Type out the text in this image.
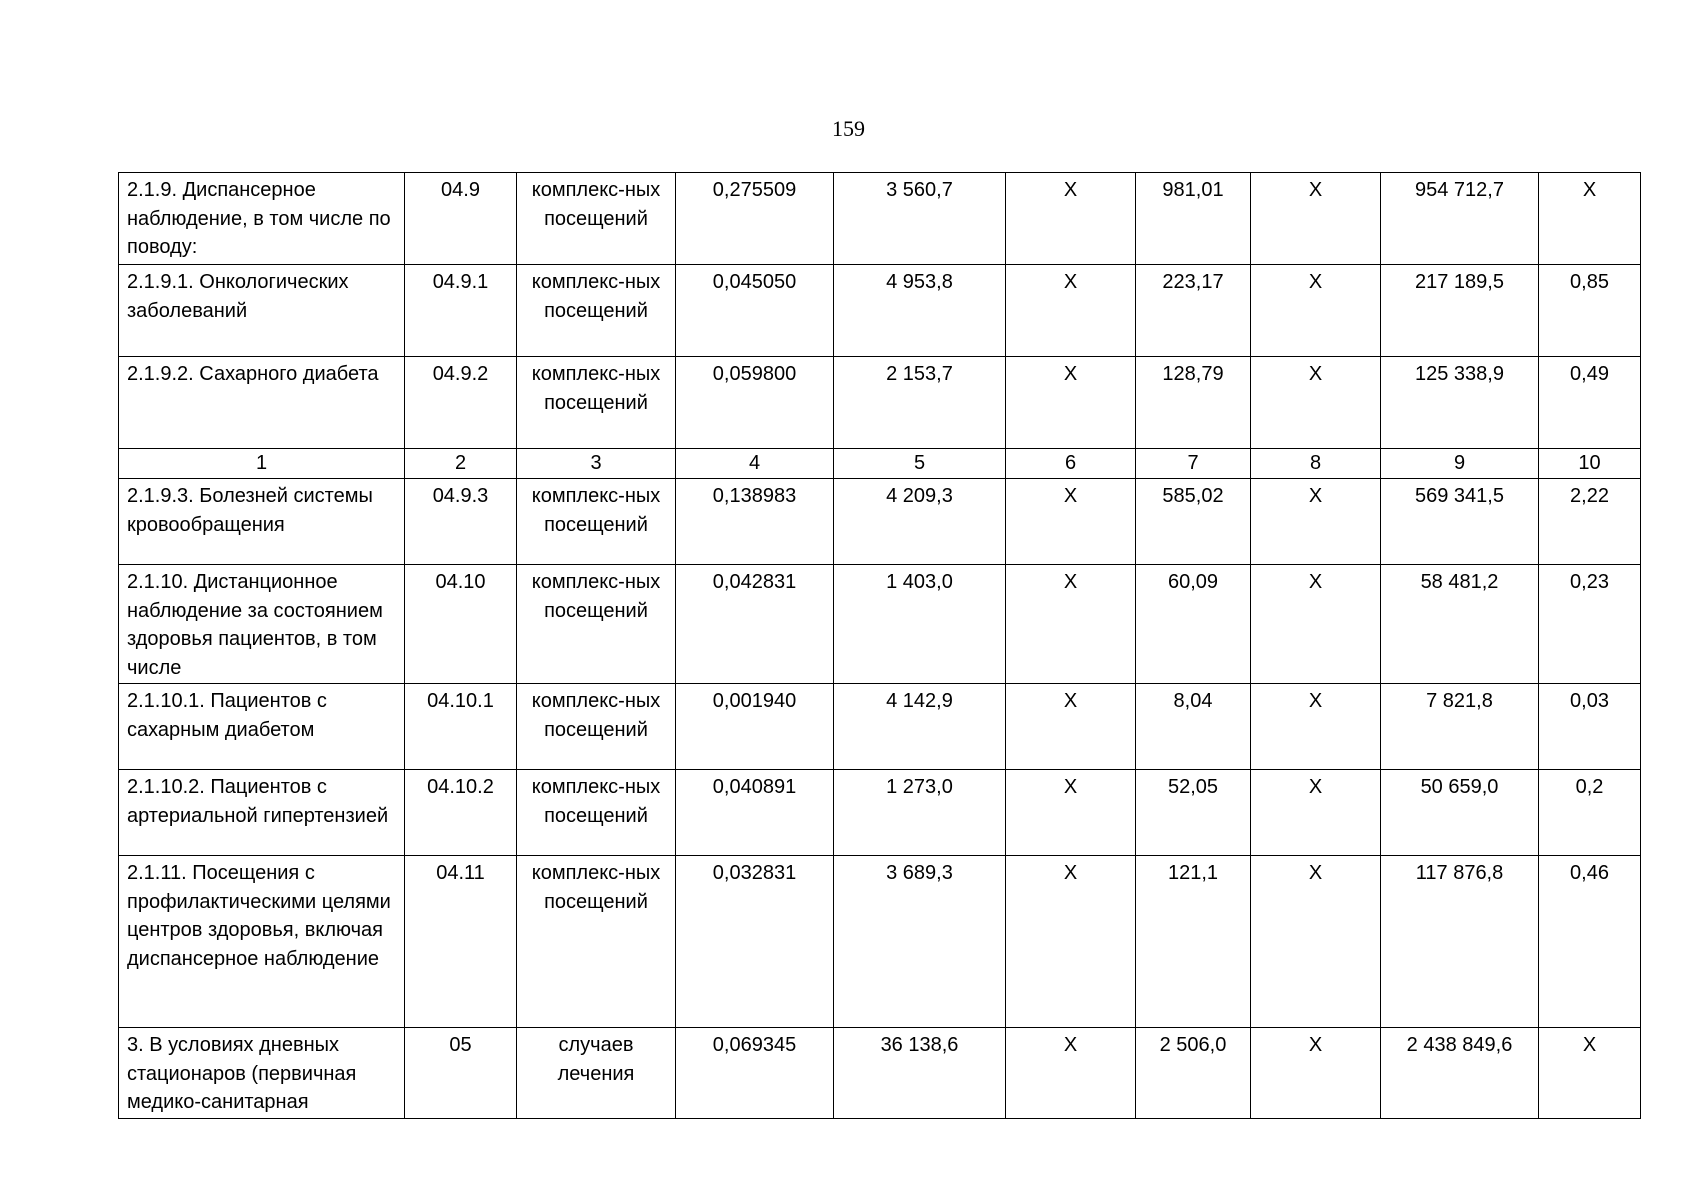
159
2.1.9. Диспансерное наблюдение, в том числе по поводу:	04.9	комплекс-ных посещений	0,275509	3 560,7	Х	981,01	Х	954 712,7	Х
2.1.9.1. Онкологических заболеваний	04.9.1	комплекс-ных посещений	0,045050	4 953,8	Х	223,17	Х	217 189,5	0,85
2.1.9.2. Сахарного диабета	04.9.2	комплекс-ных посещений	0,059800	2 153,7	Х	128,79	Х	125 338,9	0,49
1	2	3	4	5	6	7	8	9	10
2.1.9.3. Болезней системы кровообращения	04.9.3	комплекс-ных посещений	0,138983	4 209,3	Х	585,02	Х	569 341,5	2,22
2.1.10. Дистанционное наблюдение за состоянием здоровья пациентов, в том числе	04.10	комплекс-ных посещений	0,042831	1 403,0	Х	60,09	Х	58 481,2	0,23
2.1.10.1. Пациентов с сахарным диабетом	04.10.1	комплекс-ных посещений	0,001940	4 142,9	Х	8,04	Х	7 821,8	0,03
2.1.10.2. Пациентов с артериальной гипертензией	04.10.2	комплекс-ных посещений	0,040891	1 273,0	Х	52,05	Х	50 659,0	0,2
2.1.11. Посещения с профилактическими целями центров здоровья, включая диспансерное наблюдение	04.11	комплекс-ных посещений	0,032831	3 689,3	Х	121,1	Х	117 876,8	0,46
3. В условиях дневных стационаров (первичная медико-санитарная	05	случаев лечения	0,069345	36 138,6	Х	2 506,0	Х	2 438 849,6	Х
